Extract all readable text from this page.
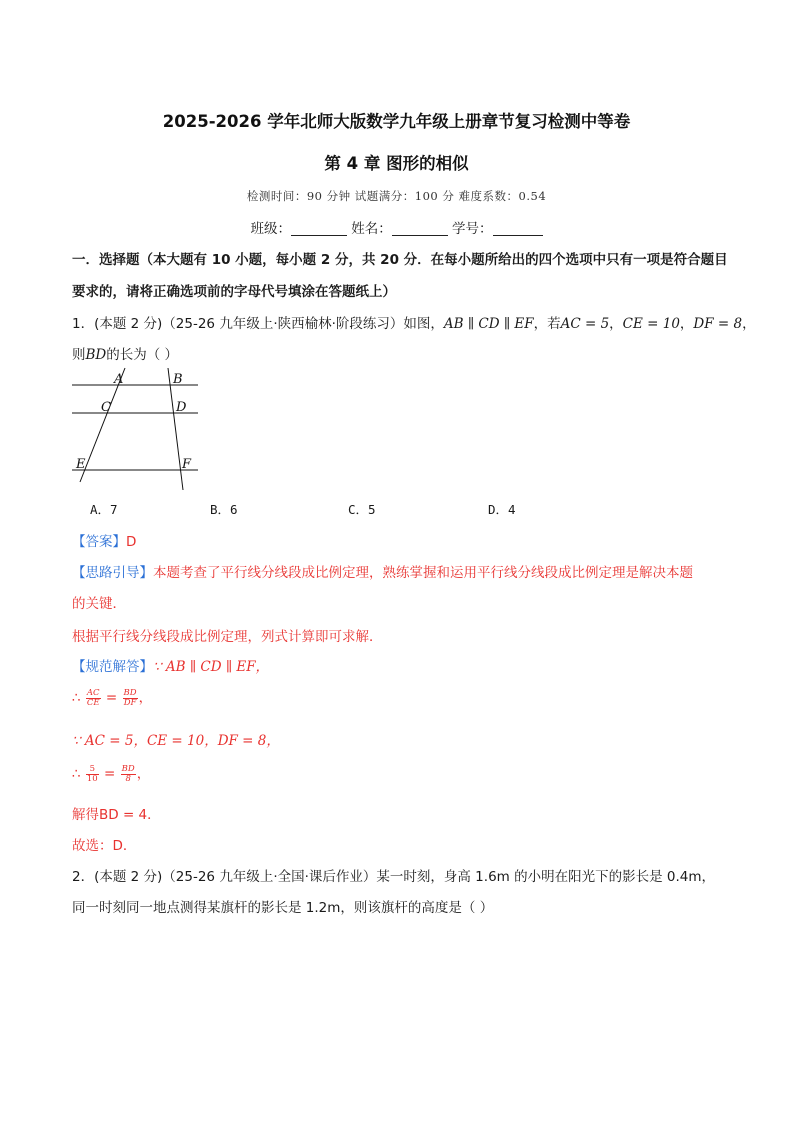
2025-2026 学年北师大版数学九年级上册章节复习检测中等卷
第 4 章 图形的相似
检测时间：90 分钟 试题满分：100 分 难度系数：0.54
班级：	姓名：	学号：
一．选择题（本大题有 10 小题，每小题 2 分，共 20 分．在每小题所给出的四个选项中只有一项是符合题目
要求的，请将正确选项前的字母代号填涂在答题纸上）
1．(本题 2 分)（25-26 九年级上·陕西榆林·阶段练习）如图，AB ∥ CD ∥ EF，若AC = 5，CE = 10，DF = 8，
则BD的长为（ ）
A	B
C	D
E	F
A．7	B．6	C．5	D．4
【答案】D
【思路引导】本题考查了平行线分线段成比例定理，熟练掌握和运用平行线分线段成比例定理是解决本题
的关键．
根据平行线分线段成比例定理，列式计算即可求解．
【规范解答】∵ AB ∥ CD ∥ EF，
∴ $\frac{AC}{CE} = \frac{BD}{DF}$ ，
∵ AC = 5，CE = 10，DF = 8，
∴ $\frac{5}{10} = \frac{BD}{8}$ ，
解得BD = 4．
故选：D．
2．(本题 2 分)（25-26 九年级上·全国·课后作业）某一时刻，身高 1.6m 的小明在阳光下的影长是 0.4m，
同一时刻同一地点测得某旗杆的影长是 1.2m，则该旗杆的高度是（ ）
